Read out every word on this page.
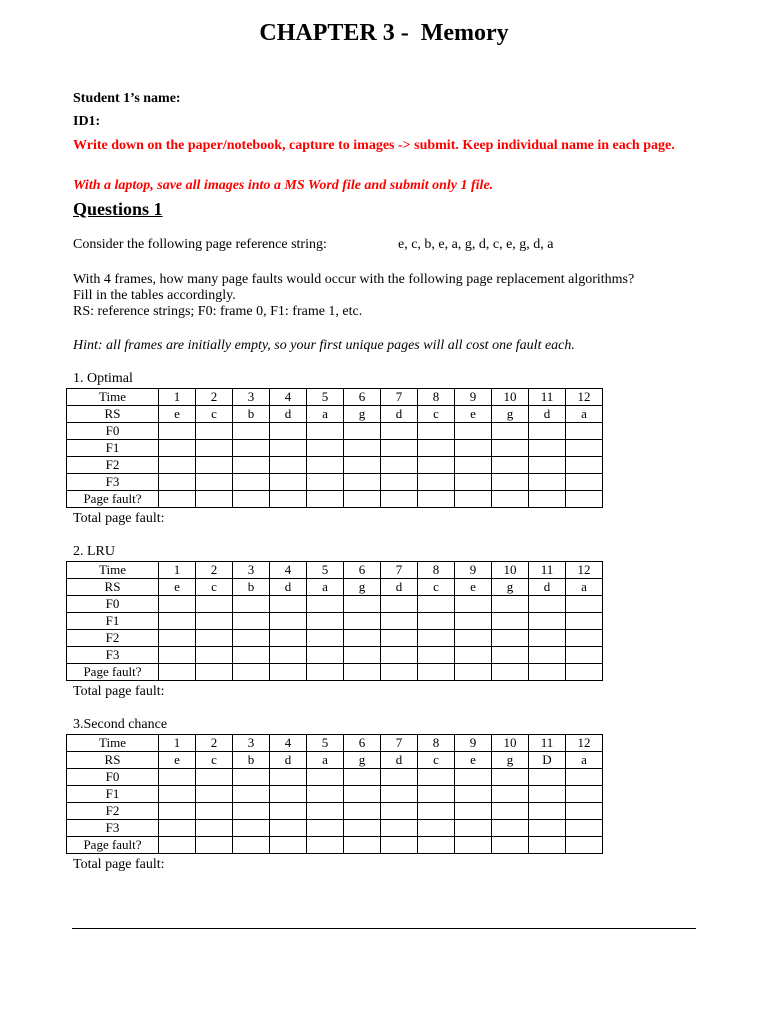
CHAPTER 3 -  Memory
Student 1’s name:
ID1:
Write down on the paper/notebook, capture to images -> submit. Keep individual name in each page.
With a laptop, save all images into a MS Word file and submit only 1 file.
Questions 1
Consider the following page reference string:	e, c, b, e, a, g, d, c, e, g, d, a
With 4 frames, how many page faults would occur with the following page replacement algorithms?
Fill in the tables accordingly.
RS: reference strings; F0: frame 0, F1: frame 1, etc.
Hint: all frames are initially empty, so your first unique pages will all cost one fault each.
1. Optimal
Time	1	2	3	4	5	6	7	8	9	10	11	12
RS	e	c	b	d	a	g	d	c	e	g	d	a
F0												
F1												
F2												
F3												
Page fault?												
Total page fault:
2. LRU
Time	1	2	3	4	5	6	7	8	9	10	11	12
RS	e	c	b	d	a	g	d	c	e	g	d	a
F0												
F1												
F2												
F3												
Page fault?												
Total page fault:
3.Second chance
Time	1	2	3	4	5	6	7	8	9	10	11	12
RS	e	c	b	d	a	g	d	c	e	g	D	a
F0												
F1												
F2												
F3												
Page fault?												
Total page fault:
